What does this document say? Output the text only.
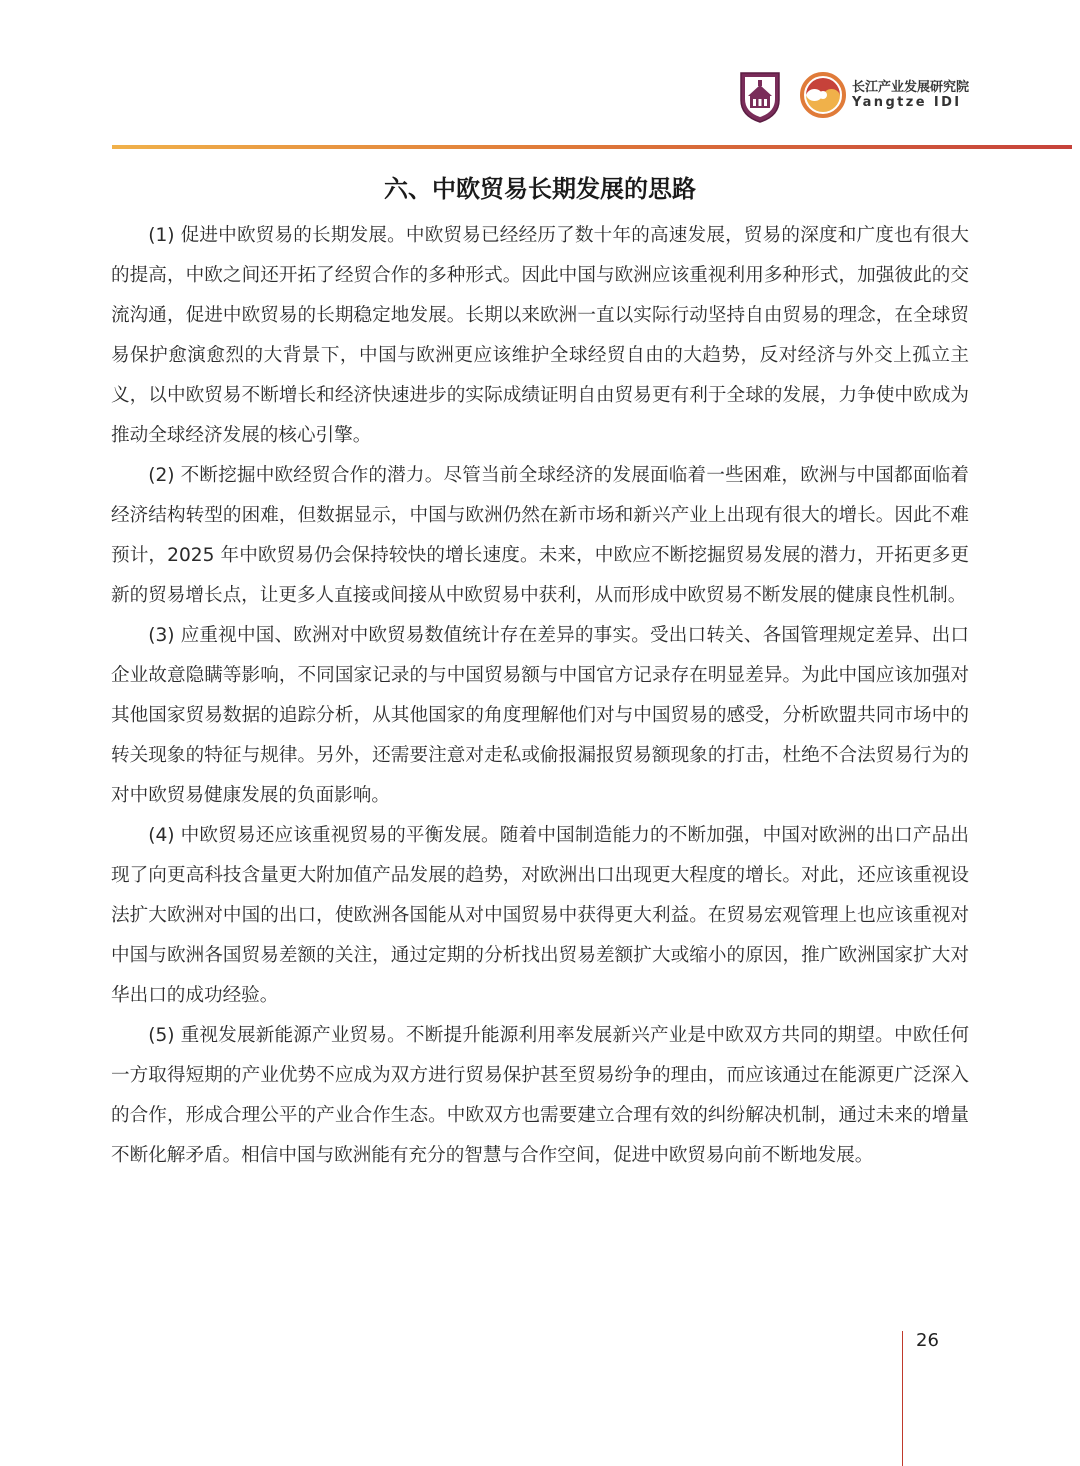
长江产业发展研究院
Yangtze IDI
六、中欧贸易长期发展的思路

(1) 促进中欧贸易的长期发展。中欧贸易已经经历了数十年的高速发展，贸易的深度和广度也有很大的提高，中欧之间还开拓了经贸合作的多种形式。因此中国与欧洲应该重视利用多种形式，加强彼此的交流沟通，促进中欧贸易的长期稳定地发展。长期以来欧洲一直以实际行动坚持自由贸易的理念，在全球贸易保护愈演愈烈的大背景下，中国与欧洲更应该维护全球经贸自由的大趋势，反对经济与外交上孤立主义，以中欧贸易不断增长和经济快速进步的实际成绩证明自由贸易更有利于全球的发展，力争使中欧成为推动全球经济发展的核心引擎。

(2) 不断挖掘中欧经贸合作的潜力。尽管当前全球经济的发展面临着一些困难，欧洲与中国都面临着经济结构转型的困难，但数据显示，中国与欧洲仍然在新市场和新兴产业上出现有很大的增长。因此不难预计，2025 年中欧贸易仍会保持较快的增长速度。未来，中欧应不断挖掘贸易发展的潜力，开拓更多更新的贸易增长点，让更多人直接或间接从中欧贸易中获利，从而形成中欧贸易不断发展的健康良性机制。

(3) 应重视中国、欧洲对中欧贸易数值统计存在差异的事实。受出口转关、各国管理规定差异、出口企业故意隐瞒等影响，不同国家记录的与中国贸易额与中国官方记录存在明显差异。为此中国应该加强对其他国家贸易数据的追踪分析，从其他国家的角度理解他们对与中国贸易的感受，分析欧盟共同市场中的转关现象的特征与规律。另外，还需要注意对走私或偷报漏报贸易额现象的打击，杜绝不合法贸易行为的对中欧贸易健康发展的负面影响。

(4) 中欧贸易还应该重视贸易的平衡发展。随着中国制造能力的不断加强，中国对欧洲的出口产品出现了向更高科技含量更大附加值产品发展的趋势，对欧洲出口出现更大程度的增长。对此，还应该重视设法扩大欧洲对中国的出口，使欧洲各国能从对中国贸易中获得更大利益。在贸易宏观管理上也应该重视对中国与欧洲各国贸易差额的关注，通过定期的分析找出贸易差额扩大或缩小的原因，推广欧洲国家扩大对华出口的成功经验。

(5) 重视发展新能源产业贸易。不断提升能源利用率发展新兴产业是中欧双方共同的期望。中欧任何一方取得短期的产业优势不应成为双方进行贸易保护甚至贸易纷争的理由，而应该通过在能源更广泛深入的合作，形成合理公平的产业合作生态。中欧双方也需要建立合理有效的纠纷解决机制，通过未来的增量不断化解矛盾。相信中国与欧洲能有充分的智慧与合作空间，促进中欧贸易向前不断地发展。

26
